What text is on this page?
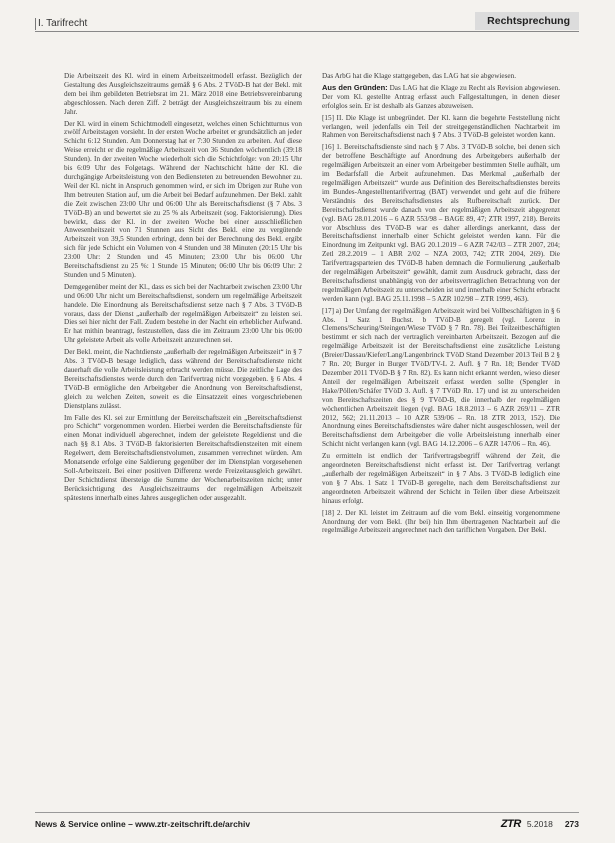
I. Tarifrecht	Rechtsprechung

Die Arbeitszeit des Kl. wird in einem Arbeitszeitmodell erfasst. Bezüglich der Gestaltung des Ausgleichszeitraums gemäß § 6 Abs. 2 TVöD-B hat der Bekl. mit dem bei ihm gebildeten Betriebsrat im 21. März 2018 eine Betriebsvereinbarung abgeschlossen. Nach deren Ziff. 2 beträgt der Ausgleichszeitraum bis zu einem Jahr.

Der Kl. wird in einem Schichtmodell eingesetzt, welches einen Schichtturnus von zwölf Arbeitstagen vorsieht. In der ersten Woche arbeitet er grundsätzlich an jeder Schicht 6:12 Stunden. Am Donnerstag hat er 7:30 Stunden zu arbeiten. Auf diese Weise erreicht er die regelmäßige Arbeitszeit von 36 Stunden wöchentlich (39:18 Stunden). In der zweiten Woche wiederholt sich die Schichtfolge: von 20:15 Uhr bis 6:09 Uhr des Folgetags. Während der Nachtschicht hätte der Kl. die durchgängige Arbeitsleistung von den Bediensteten zu betreuenden Bewohner zu. Weil der Kl. nicht in Anspruch genommen wird, er sich im Übrigen zur Ruhe von Ihm betreuten Station auf, um die Arbeit bei Bedarf aufzunehmen. Der Bekl. zahlt die Zeit zwischen 23:00 Uhr und 06:00 Uhr als Bereitschaftsdienst (§ 7 Abs. 3 TVöD-B) an und bewertet sie zu 25 % als Arbeitszeit (sog. Faktorisierung). Dies bewirkt, dass der Kl. in der zweiten Woche bei einer ausschließlichen Anwesenheitszeit von 71 Stunnen aus Sicht des Bekl. eine zu vergütende Arbeitszeit von 39,5 Stunden erbringt, denn bei der Berechnung des Bekl. ergibt sich für jede Schicht ein Volumen von 4 Stunden und 38 Minuten (20:15 Uhr bis 23:00 Uhr: 2 Stunden und 45 Minuten; 23:00 Uhr bis 06:00 Uhr Bereitschaftsdienst zu 25 %: 1 Stunde 15 Minuten; 06:00 Uhr bis 06:09 Uhr: 2 Stunden und 5 Minuten).

Demgegenüber meint der Kl., dass es sich bei der Nachtarbeit zwischen 23:00 Uhr und 06:00 Uhr nicht um Bereitschaftsdienst, sondern um regelmäßige Arbeitszeit handele. Die Einordnung als Bereitschaftsdienst setze nach § 7 Abs. 3 TVöD-B voraus, dass der Dienst „außerhalb der regelmäßigen Arbeitszeit“ zu leisten sei. Dies sei hier nicht der Fall. Zudem bestehe in der Nacht ein erheblicher Aufwand. Er hat mithin beantragt, festzustellen, dass die im Zeitraum 23:00 Uhr bis 06:00 Uhr geleistete Arbeit als volle Arbeitszeit anzurechnen sei.

Der Bekl. meint, die Nachtdienste „außerhalb der regelmäßigen Arbeitszeit“ in § 7 Abs. 3 TVöD-B besage lediglich, dass während der Bereitschaftsdienste nicht dauerhaft die volle Arbeitsleistung erbracht werden müsse. Die zeitliche Lage des Bereitschaftsdienstes werde durch den Tarifvertrag nicht vorgegeben. § 6 Abs. 4 TVöD-B ermögliche den Arbeitgeber die Anordnung von Bereitschaftsdienst, gleich zu welchen Zeiten, soweit es die Einsatzzeit eines vorgeschriebenen Dienstplans zulässt.

Im Falle des Kl. sei zur Ermittlung der Bereitschaftszeit ein „Bereitschaftsdienst pro Schicht“ vorgenommen worden. Hierbei werden die Bereitschaftsdienste für einen Monat individuell abgerechnet, indem der geleistete Regeldienst und die nach §§ 8.1 Abs. 3 TVöD-B faktorisierten Bereitschaftsdienstzeiten mit einem Regelwert, dem Bereitschaftsdienstvolumen, zusammen verrechnet würden. Am Monatsende erfolge eine Saldierung gegenüber der im Dienstplan vorgesehenen Soll-Arbeitszeit. Bei einer positiven Differenz werde Freizeitausgleich gewährt. Der Schichtdienst übersteige die Summe der Wochenarbeitszeiten nicht; unter Berücksichtigung des Ausgleichszeitraums der regelmäßigen Arbeitszeit spätestens innerhalb eines Jahres ausgeglichen oder ausgezahlt.

Das ArbG hat die Klage stattgegeben, das LAG hat sie abgewiesen.

Aus den Gründen: Das LAG hat die Klage zu Recht als Revision abgewiesen. Der vom Kl. gestellte Antrag erfasst auch Fallgestaltungen, in denen dieser erfolglos sein. Er ist deshalb als Ganzes abzuweisen.

[15] II. Die Klage ist unbegründet. Der Kl. kann die begehrte Feststellung nicht verlangen, weil jedenfalls ein Teil der streitgegenständlichen Nachtarbeit im Rahmen von Bereitschaftsdienst nach § 7 Abs. 3 TVöD-B geleistet worden kann.

[16] 1. Bereitschaftsdienste sind nach § 7 Abs. 3 TVöD-B solche, bei denen sich der betroffene Beschäftigte auf Anordnung des Arbeitgebers außerhalb der regelmäßigen Arbeitszeit an einer vom Arbeitgeber bestimmten Stelle aufhält, um im Bedarfsfall die Arbeit aufzunehmen. Das Merkmal „außerhalb der regelmäßigen Arbeitszeit“ wurde aus Definition des Bereitschaftsdienstes bereits im Bundes-Angestelltentarifvertrag (BAT) verwendet und geht auf die frühere Verständnis des Bereitschaftsdienstes als Rufbereitschaft zurück. Der Bereitschaftsdienst wurde danach von der regelmäßigen Arbeitszeit abgegrenzt (vgl. BAG 28.01.2016 – 6 AZR 553/98 – BAGE 89, 47; ZTR 1997, 218). Bereits vor Abschluss des TVöD-B war es daher allerdings anerkannt, dass der Bereitschaftsdienst innerhalb einer Schicht geleistet werden kann. Für die Einordnung im Zeitpunkt vgl. BAG 20.1.2019 – 6 AZR 742/03 – ZTR 2007, 204; Zetl 28.2.2019 – 1 ABR 2/02 – NZA 2003, 742; ZTR 2004, 269). Die Tarifvertragsparteien des TVöD-B haben demnach die Formulierung „außerhalb der regelmäßigen Arbeitszeit“ gewählt, damit zum Ausdruck gebracht, dass der Bereitschaftsdienst unabhängig von der arbeitsvertraglichen Betrachtung von der regelmäßigen Arbeitszeit zu unterscheiden ist und innerhalb einer Schicht erbracht werden kann (vgl. BAG 25.11.1998 – 5 AZR 102/98 – ZTR 1999, 463).

[17] a) Der Umfang der regelmäßigen Arbeitszeit wird bei Vollbeschäftigten in § 6 Abs. 1 Satz 1 Buchst. b TVöD-B geregelt (vgl. Lorenz in Clemens/Scheuring/Steingen/Wiese TVöD § 7 Rn. 78). Bei Teilzeitbeschäftigten bestimmt er sich nach der vertraglich vereinbarten Arbeitszeit. Bezogen auf die regelmäßige Arbeitszeit ist der Bereitschaftsdienst eine zusätzliche Leistung (Breier/Dassau/Kiefer/Lang/Langenbrinck TVöD Stand Dezember 2013 Teil B 2 § 7 Rn. 20; Burger in Burger TVöD/TV-L 2. Aufl. § 7 Rn. 18; Bender TVöD Dezember 2011 TVöD-B § 7 Rn. 82). Es kann nicht erkannt werden, wieso dieser Anteil der regelmäßigen Arbeitszeit erfasst werden sollte (Spengler in Hake/Pöllen/Schäfer TVöD 3. Aufl. § 7 TVöD Rn. 17) und ist zu unterscheiden von Bereitschaftszeiten des § 9 TVöD-B, die innerhalb der regelmäßigen wöchentlichen Arbeitszeit liegen (vgl. BAG 18.8.2013 – 6 AZR 269/11 – ZTR 2012, 562; 21.11.2013 – 10 AZR 539/06 – Rn. 18 ZTR 2013, 152). Die Anordnung eines Bereitschaftsdienstes wäre daher nicht ausgeschlossen, weil der Bereitschaftsdienst dem Arbeitgeber die volle Arbeitsleistung innerhalb einer Schicht nicht verlangen kann (vgl. BAG 14.12.2006 – 6 AZR 147/06 – Rn. 46).

Zu ermitteln ist endlich der Tarifvertragsbegriff während der Zeit, die angeordneten Bereitschaftsdienst nicht erfasst ist. Der Tarifvertrag verlangt „außerhalb der regelmäßigen Arbeitszeit“ in § 7 Abs. 3 TVöD-B lediglich eine von § 7 Abs. 1 Satz 1 TVöD-B geregelte, nach dem Bereitschaftsdienst zur angeordneten Arbeitszeit während der Schicht in Teilen über diese Arbeitszeit hinaus erfolgt.

[18] 2. Der Kl. leistet im Zeitraum auf die vom Bekl. einseitig vorgenommene Anordnung der vom Bekl. (Ihr bei) hin Ihm übertragenen Nachtarbeit auf die regelmäßige Arbeitszeit angerechnet nach den tariflichen Vorgaben. Der Bekl.

News & Service online – www.ztr-zeitschrift.de/archiv	ZTR 5.2018 273
